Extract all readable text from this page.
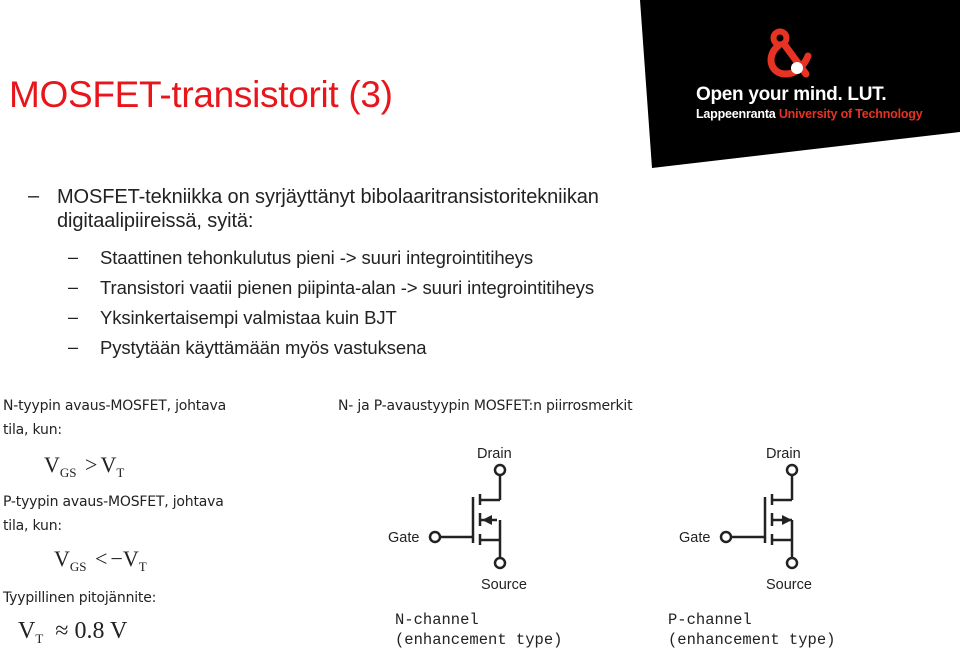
Open your mind. LUT.
Lappeenranta University of Technology
MOSFET-transistorit (3)
– MOSFET-tekniikka on syrjäyttänyt bibolaaritransistoritekniikan
digitaalipiireissä, syitä:
– Staattinen tehonkulutus pieni -> suuri integrointitiheys
– Transistori vaatii pienen piipinta-alan -> suuri integrointitiheys
– Yksinkertaisempi valmistaa kuin BJT
– Pystytään käyttämään myös vastuksena
N-tyypin avaus-MOSFET, johtava
tila, kun:
$V_{GS} > V_T$
P-tyypin avaus-MOSFET, johtava
tila, kun:
$V_{GS} < -V_T$
Tyypillinen pitojännite:
$V_T \approx 0.8$ V
N- ja P-avaustyypin MOSFET:n piirrosmerkit
Drain
Gate
Source
Drain
Gate
Source
N-channel
(enhancement type)
P-channel
(enhancement type)
